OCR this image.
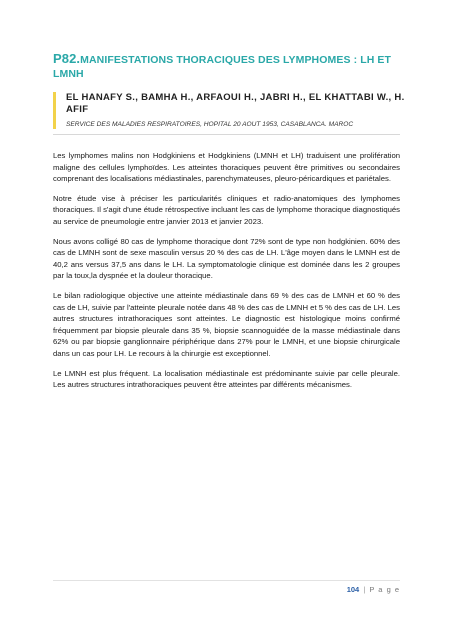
P82.MANIFESTATIONS THORACIQUES DES LYMPHOMES : LH ET LMNH
EL HANAFY S., BAMHA H., ARFAOUI H., JABRI H., EL KHATTABI W., H. AFIF
SERVICE DES MALADIES RESPIRATOIRES, HOPITAL 20 AOUT 1953, CASABLANCA. MAROC

Les lymphomes malins non Hodgkiniens et Hodgkiniens (LMNH et LH) traduisent une prolifération maligne des cellules lymphoïdes. Les atteintes thoraciques peuvent être primitives ou secondaires comprenant des localisations médiastinales, parenchymateuses, pleuro-péricardiques et pariétales.

Notre étude vise à préciser les particularités cliniques et radio-anatomiques des lymphomes thoraciques. Il s'agit d'une étude rétrospective incluant les cas de lymphome thoracique diagnostiqués au service de pneumologie entre janvier 2013 et janvier 2023.

Nous avons colligé 80 cas de lymphome thoracique dont 72% sont de type non hodgkinien. 60% des cas de LMNH sont de sexe masculin versus 20 % des cas de LH. L'âge moyen dans le LMNH est de 40,2 ans versus 37,5 ans dans le LH. La symptomatologie clinique est dominée dans les 2 groupes par la toux,la dyspnée et la douleur thoracique.

Le bilan radiologique objective une atteinte médiastinale dans 69 % des cas de LMNH et 60 % des cas de LH, suivie par l'atteinte pleurale notée dans 48 % des cas de LMNH et 5 % des cas de LH. Les autres structures intrathoraciques sont atteintes. Le diagnostic est histologique moins confirmé fréquemment par biopsie pleurale dans 35 %, biopsie scannoguidée de la masse médiastinale dans 62% ou par biopsie ganglionnaire périphérique dans 27% pour le LMNH, et une biopsie chirurgicale dans un cas pour LH. Le recours à la chirurgie est exceptionnel.

Le LMNH est plus fréquent. La localisation médiastinale est prédominante suivie par celle pleurale. Les autres structures intrathoraciques peuvent être atteintes par différents mécanismes.

104 | P a g e
